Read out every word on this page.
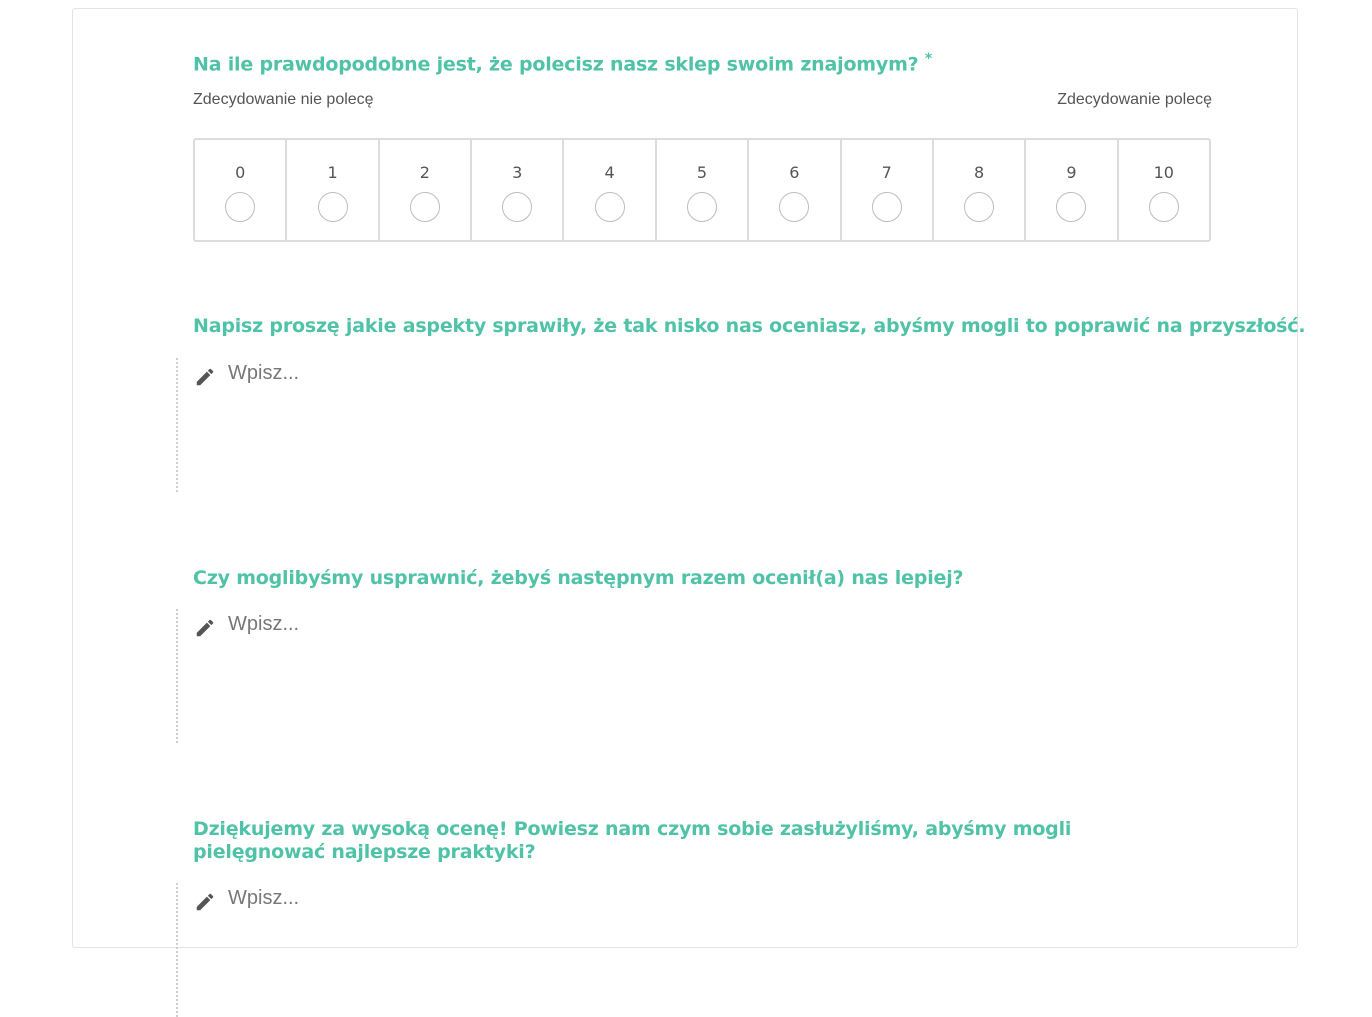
Na ile prawdopodobne jest, że polecisz nasz sklep swoim znajomym? *
Zdecydowanie nie polecę	Zdecydowanie polecę
0	1	2	3	4	5	6	7	8	9	10
Napisz proszę jakie aspekty sprawiły, że tak nisko nas oceniasz, abyśmy mogli to poprawić na przyszłość.
Wpisz...
Czy moglibyśmy usprawnić, żebyś następnym razem ocenił(a) nas lepiej?
Wpisz...
Dziękujemy za wysoką ocenę! Powiesz nam czym sobie zasłużyliśmy, abyśmy mogli pielęgnować najlepsze praktyki?
Wpisz...
